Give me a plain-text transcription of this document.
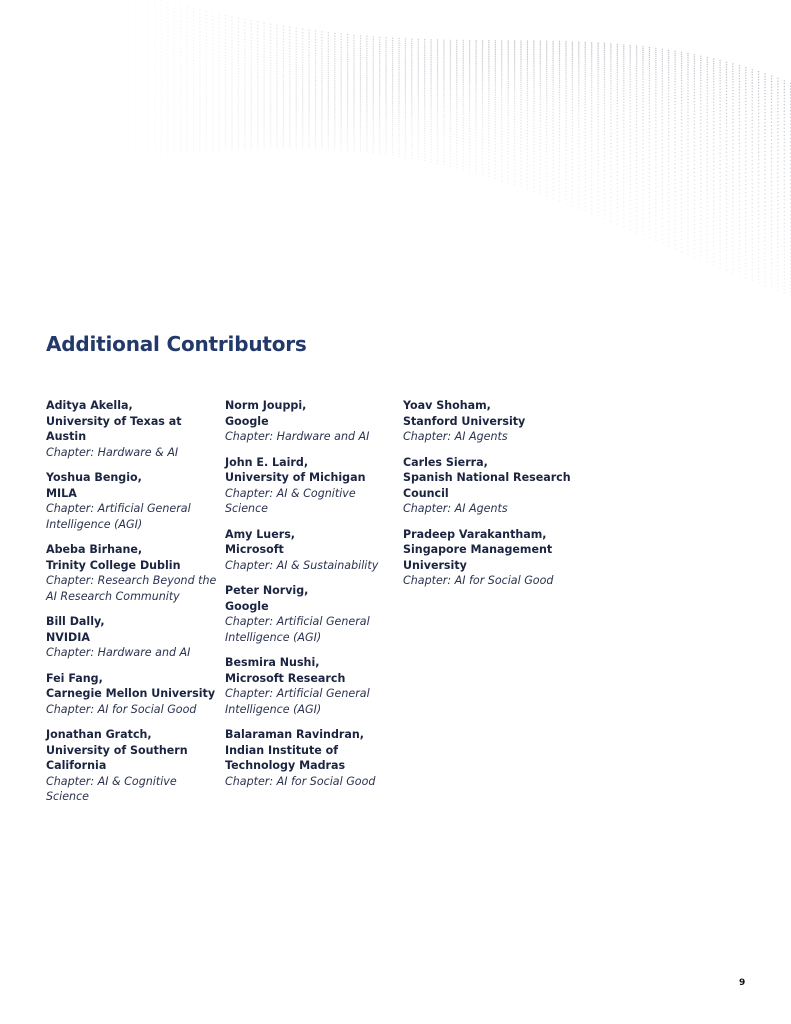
Additional Contributors
Aditya Akella,
University of Texas at Austin
Chapter: Hardware & AI
Yoshua Bengio,
MILA
Chapter: Artificial General Intelligence (AGI)
Abeba Birhane,
Trinity College Dublin
Chapter: Research Beyond the AI Research Community
Bill Dally,
NVIDIA
Chapter: Hardware and AI
Fei Fang,
Carnegie Mellon University
Chapter: AI for Social Good
Jonathan Gratch,
University of Southern California
Chapter: AI & Cognitive Science
Norm Jouppi,
Google
Chapter: Hardware and AI
John E. Laird,
University of Michigan
Chapter: AI & Cognitive Science
Amy Luers,
Microsoft
Chapter: AI & Sustainability
Peter Norvig,
Google
Chapter: Artificial General Intelligence (AGI)
Besmira Nushi,
Microsoft Research
Chapter: Artificial General Intelligence (AGI)
Balaraman Ravindran,
Indian Institute of Technology Madras
Chapter: AI for Social Good
Yoav Shoham,
Stanford University
Chapter: AI Agents
Carles Sierra,
Spanish National Research Council
Chapter: AI Agents
Pradeep Varakantham,
Singapore Management University
Chapter: AI for Social Good
9
